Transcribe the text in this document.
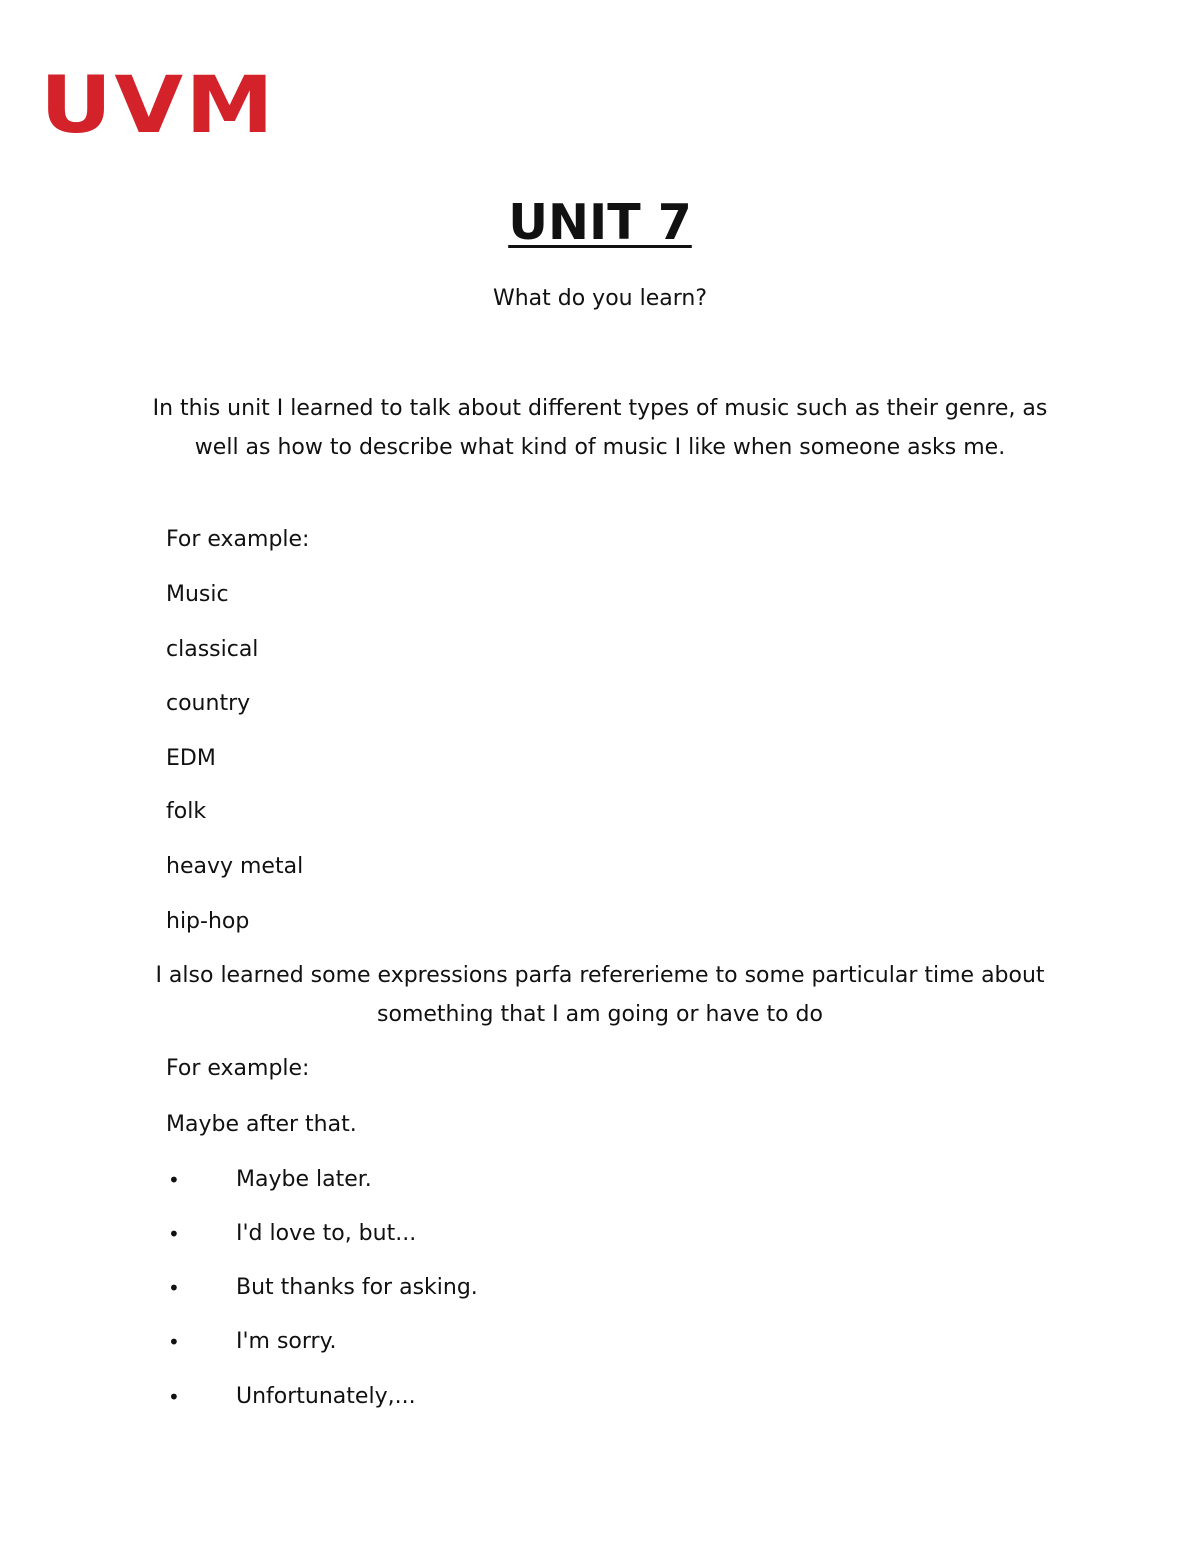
UVM
UNIT 7
What do you learn?
In this unit I learned to talk about different types of music such as their genre, as well as how to describe what kind of music I like when someone asks me.
For example:
Music
classical
country
EDM
folk
heavy metal
hip-hop
I also learned some expressions parfa refererieme to some particular time about something that I am going or have to do
For example:
Maybe after that.
•	Maybe later.
•	I'd love to, but...
•	But thanks for asking.
•	I'm sorry.
•	Unfortunately,...
